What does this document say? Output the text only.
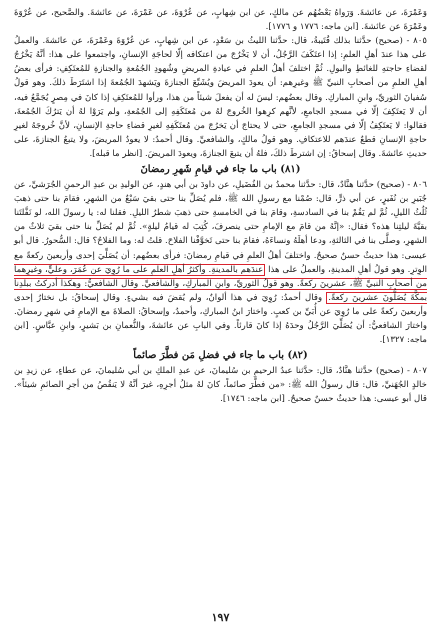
وَعَمْرَةَ، عن عائشةَ. وَرَواهُ بَعْضُهُم عن مالكٍ، عن ابن شِهابٍ، عن عُرْوَةَ، عن عَمْرَةَ، عن عائشةَ. والصَّحيح، عن عُرْوَةَ وعَمْرَةَ عن عائشةَ. [ابن ماجه: ١٧٧٦ و ١٧٧٦].

٨٠٥ - (صحيح) حدَّثنا بذلك قُتَيبةُ، قال: حدَّثنا الليثُ بن سَعْدٍ، عن ابن شِهابٍ، عن عُرْوَةَ وعَمْرَةَ، عن عائشةَ. والعملُ على هذا عندَ أهلِ العلمِ: إذا اعتَكَفَ الرَّجُلُ، أن لا يَخْرُجَ من اعتكافه إلّا لحاجَةِ الإنسانِ، واجتمعوا على هذا: أنَّهُ يَخْرُجُ لقضاءِ حاجتهِ للغائطِ والبولِ. ثُمَّ اختلفَ أهلُ العلمِ في عيادةِ المريضِ وشُهودِ الجُمُعةِ والجنازةِ للمُعتَكِفِ: فرأى بعضُ أهلِ العلمِ من أصحابِ النبيِّ ﷺ وغيرِهم: أن يعودَ المريضَ ويُشَيِّعَ الجنازةَ ويَشهدَ الجُمُعةَ إذا اشتَرَطَ ذلكَ. وهو قولُ سُفيانَ الثوريِّ، وابنِ المباركِ. وقال بعضُهم: ليسَ له أن يفعلَ شيئاً من هذا، ورأوا للمُعتَكِفِ إذا كانَ في مِصرٍ يُجَمَّعُ فيه، أن لا يَعتَكِفَ إلّا في مسجدِ الجامعِ، لأنَّهم كرِهوا الخُروجَ لهُ من مُعتَكَفِهِ إلى الجُمُعةِ، ولم يَرَوْا لهُ أن يَترُكَ الجُمُعةَ، فقالوا: لا يَعتَكِفُ إلّا في مسجدِ الجامعِ، حتى لا يحتاجَ أن يَخرُجَ من مُعتَكَفِهِ لغيرِ قضاءِ حاجةِ الإنسانِ، لأنَّ خُروجَهُ لغيرِ حاجةِ الإنسانِ قطعٌ عندَهم للاعتكافِ. وهو قولُ مالكٍ، والشافعيِّ. وقال أحمدُ: لا يعودُ المريضَ، ولا يتبعُ الجنازةَ، على حديثِ عائشةَ. وقال إسحاقُ: إن اشترطَ ذلكَ، فلهُ أن يتبعَ الجنازةَ، ويعودَ المريضَ. [انظر ما قبله].

(٨١) باب ما جاء في قيامِ شَهرِ رمضانَ

٨٠٦ - (صحيح) حدَّثنا هنَّادٌ، قال: حدَّثنا محمدُ بن الفُضَيلِ، عن داودَ بن أبي هندٍ، عن الوليدِ بن عبدِ الرحمنِ الجُرَشيِّ، عن جُبَيرِ بن نُفَيرٍ، عن أبي ذرٍّ، قال: صُمْنا مع رسولِ الله ﷺ، فلم يُصَلِّ بنا حتى بقيَ سَبْعٌ من الشهرِ، فقامَ بنا حتى ذهبَ ثُلُثُ الليلِ، ثُمَّ لم يَقُمْ بنا في السادسةِ، وقامَ بنا في الخامسةِ حتى ذهبَ شطرُ الليلِ. فقلنا له: يا رسولَ الله، لو نَفَّلتَنا بقيَّةَ ليلتِنا هذه؟ فقال: «إنَّهُ من قامَ مع الإمامِ حتى ينصرفَ، كُتِبَ له قيامُ ليلةٍ». ثُمَّ لم يُصَلِّ بنا حتى بقيَ ثلاثٌ من الشهرِ، وصلَّى بنا في الثالثةِ، ودعا أهلَهُ ونساءَهُ، فقامَ بنا حتى تَخوَّفْنا الفلاحَ. قلتُ له: وما الفلاحُ؟ قال: السُّحورُ. قال أبو عيسى: هذا حديثٌ حسنٌ صحيحٌ. واختلفَ أهلُ العلمِ في قيامِ رمضانَ: فرأى بعضُهم: أن يُصَلِّيَ إحدى وأربعينَ ركعةً مع الوِترِ. وهو قولُ أهلِ المدينةِ، والعملُ على هذا عندَهم بالمدينةِ. وأكثرُ أهلِ العلمِ على ما رُوِيَ عن عُمَرَ، وعليٍّ، وغيرِهما من أصحابِ النبيِّ ﷺ، عشرينَ ركعةً. وهو قولُ الثوريِّ، وابنِ المباركِ، والشافعيِّ. وقال الشافعيُّ: وهكذا أدركتُ ببلدِنا بمكَّةَ يُصَلُّونَ عشرينَ ركعةً. وقال أحمدُ: رُوِيَ في هذا ألوانٌ، ولم يُقضَ فيه بشيءٍ. وقال إسحاقُ: بل نختارُ إحدى وأربعينَ ركعةً على ما رُوِيَ عن أُبَيِّ بن كعبٍ. واختارَ ابنُ المباركِ، وأحمدُ، وإسحاقُ: الصلاةَ مع الإمامِ في شهرِ رمضانَ. واختارَ الشافعيُّ: أن يُصَلِّيَ الرَّجُلُ وحدَهُ إذا كانَ قارئاً. وفي البابِ عن عائشةَ، والنُّعمانِ بن بَشيرٍ، وابنِ عبَّاسٍ. [ابن ماجه: ١٣٢٧].

(٨٢) باب ما جاء في فضلِ مَن فطَّرَ صائماً

٨٠٧ - (صحيح) حدَّثنا هنَّادٌ، قال: حدَّثنا عبدُ الرحيمِ بن سُليمانَ، عن عبدِ الملكِ بن أبي سُليمانَ، عن عطاءٍ، عن زيدِ بن خالدٍ الجُهَنيِّ، قال: قال رسولُ الله ﷺ: «من فطَّرَ صائماً، كانَ لهُ مثلُ أجرِهِ، غيرَ أنَّهُ لا يَنقُصُ من أجرِ الصائمِ شيئاً». قال أبو عيسى: هذا حديثٌ حسنٌ صحيحٌ. [ابن ماجه: ١٧٤٦].

١٩٧
